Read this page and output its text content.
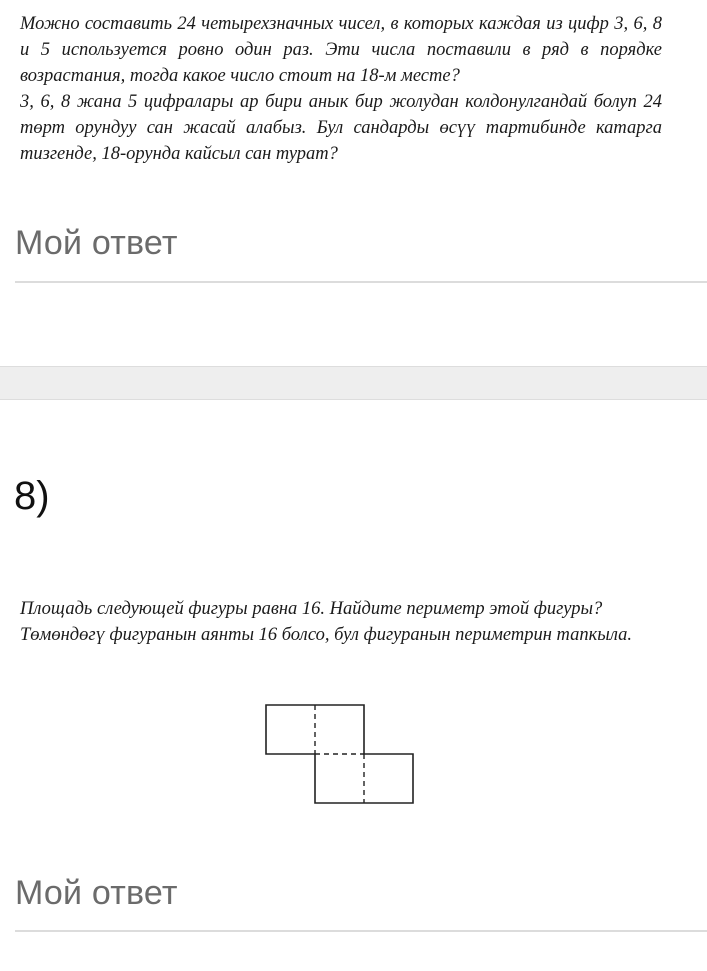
Можно составить 24 четырехзначных чисел, в которых каждая из цифр 3, 6, 8 и 5 используется ровно один раз. Эти числа поставили в ряд в порядке возрастания, тогда какое число стоит на 18-м месте?

3, 6, 8 жана 5 цифралары ар бири анык бир жолудан колдонулгандай болуп 24 төрт орундуу сан жасай алабыз. Бул сандарды өсүү тартибинде катарга тизгенде, 18-орунда кайсыл сан турат?

Мой ответ
8)

Площадь следующей фигуры равна 16. Найдите периметр этой фигуры?

Төмөндөгү фигуранын аянты 16 болсо, бул фигуранын периметрин тапкыла.

Мой ответ
